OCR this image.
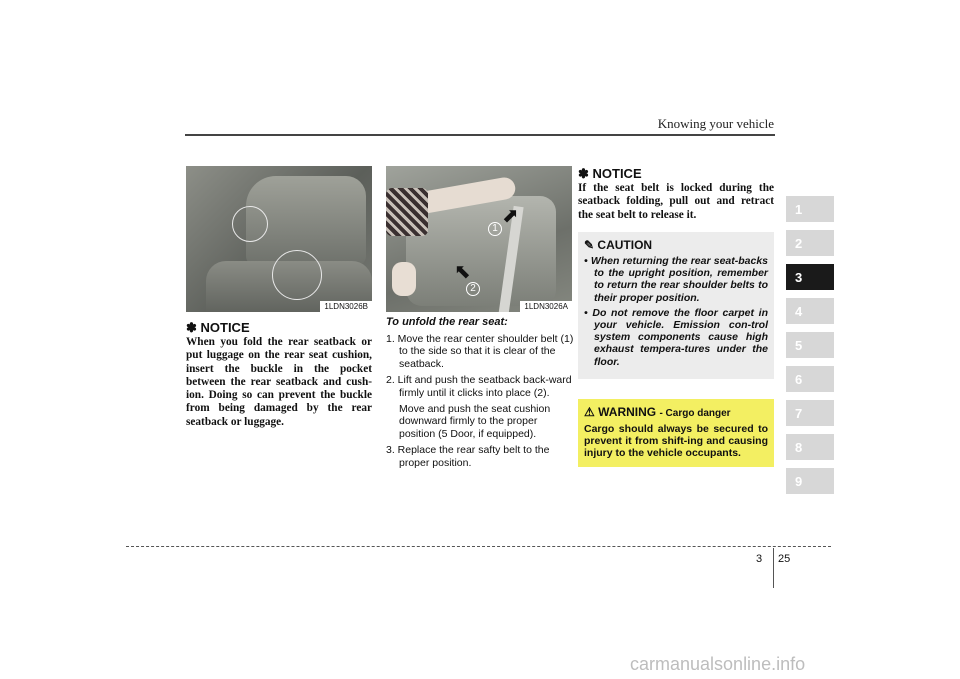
Knowing your vehicle
1LDN3026B
✽ NOTICE
When you fold the rear seatback or put luggage on the rear seat cushion, insert the buckle in the pocket between the rear seatback and cush-ion. Doing so can prevent the buckle from being damaged by the rear seatback or luggage.
⬈
⬉
1
2
1LDN3026A
To unfold the rear seat:
1. Move the rear center shoulder belt (1) to the side so that it is clear of the seatback.
2. Lift and push the seatback back-ward firmly until it clicks into place (2).
Move and push the seat cushion downward firmly to the proper position (5 Door, if equipped).
3. Replace the rear safty belt to the proper position.
✽ NOTICE
If the seat belt is locked during the seatback folding, pull out and retract the seat belt to release it.
✎ CAUTION
• When returning the rear seat-backs to the upright position, remember to return the rear shoulder belts to their proper position.
• Do not remove the floor carpet in your vehicle. Emission con-trol system components cause high exhaust tempera-tures under the floor.
⚠ WARNING - Cargo danger
Cargo should always be secured to prevent it from shift-ing and causing injury to the vehicle occupants.
1
2
3
4
5
6
7
8
9
3 25
carmanualsonline.info
